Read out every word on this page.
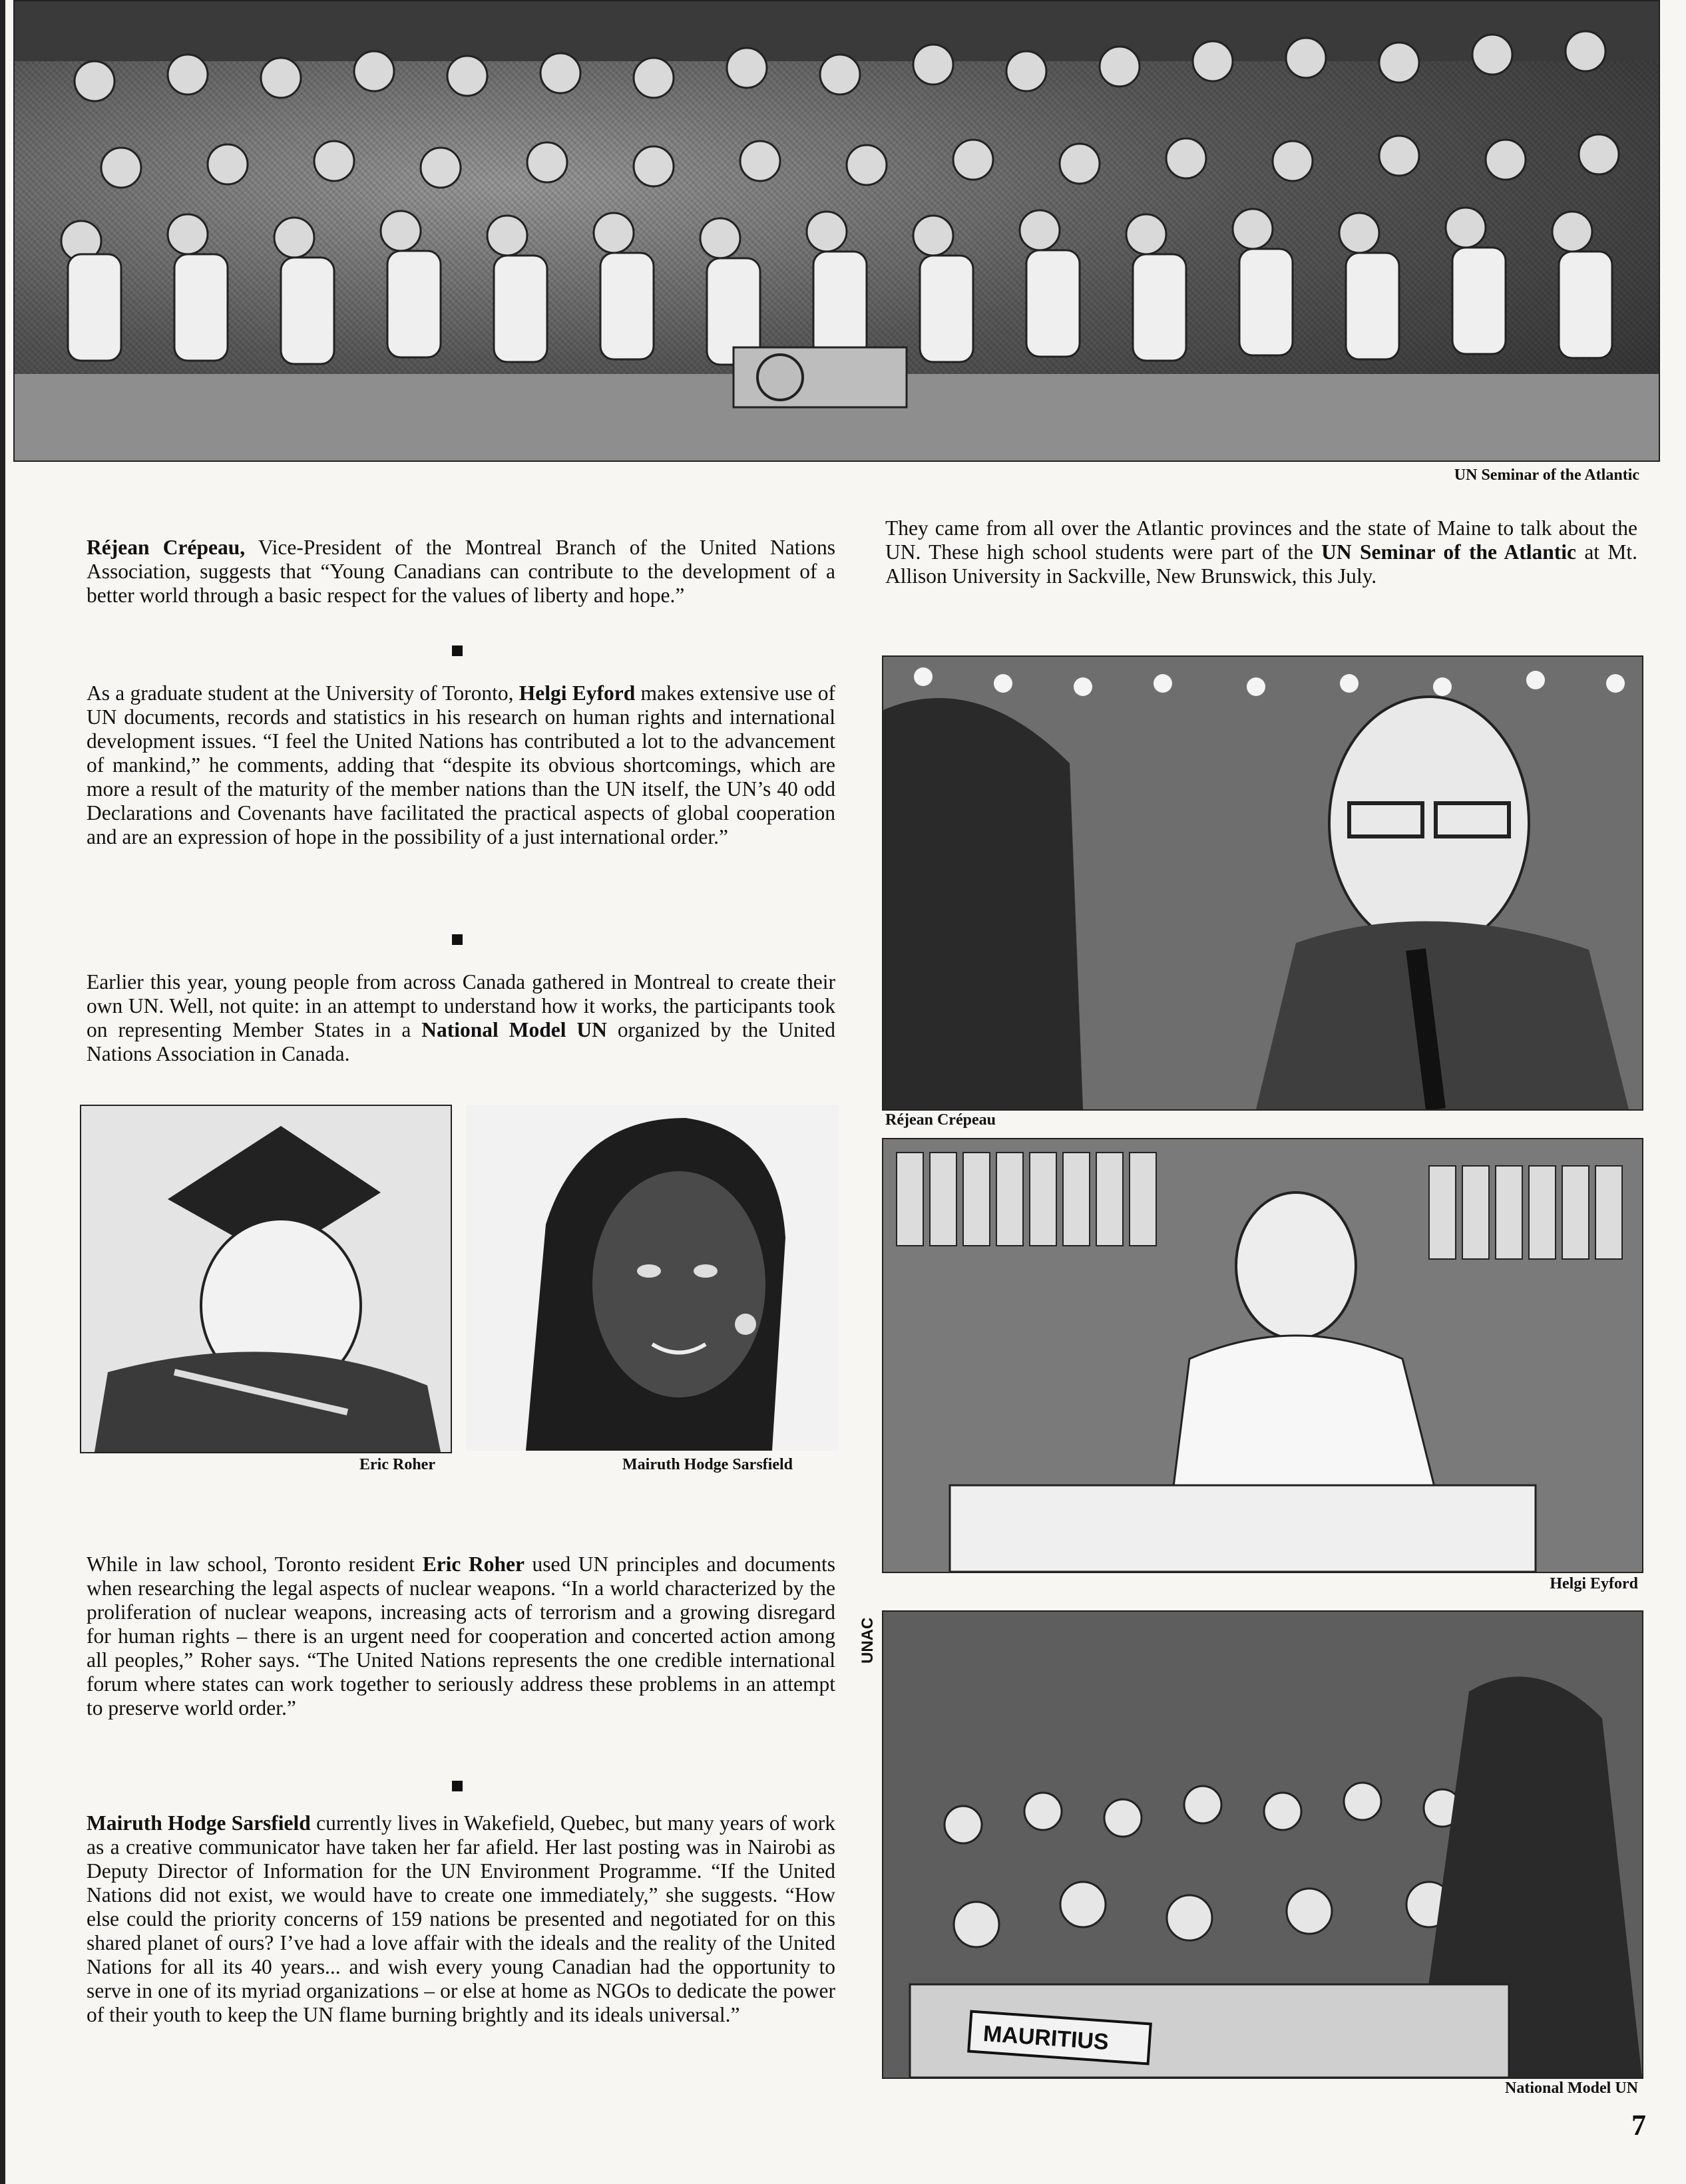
UN Seminar of the Atlantic
Réjean Crépeau, Vice-President of the Montreal Branch of the United Nations Association, suggests that “Young Canadians can contribute to the development of a better world through a basic respect for the values of liberty and hope.”
As a graduate student at the University of Toronto, Helgi Eyford makes extensive use of UN documents, records and statistics in his research on human rights and international development issues. “I feel the United Nations has contributed a lot to the advancement of mankind,” he comments, adding that “despite its obvious shortcomings, which are more a result of the maturity of the member nations than the UN itself, the UN’s 40 odd Declarations and Covenants have facilitated the practical aspects of global cooperation and are an expression of hope in the possibility of a just international order.”
Earlier this year, young people from across Canada gathered in Montreal to create their own UN. Well, not quite: in an attempt to understand how it works, the participants took on representing Member States in a National Model UN organized by the United Nations Association in Canada.
Eric Roher	Mairuth Hodge Sarsfield
While in law school, Toronto resident Eric Roher used UN principles and documents when researching the legal aspects of nuclear weapons. “In a world characterized by the proliferation of nuclear weapons, increasing acts of terrorism and a growing disregard for human rights – there is an urgent need for cooperation and concerted action among all peoples,” Roher says. “The United Nations represents the one credible international forum where states can work together to seriously address these problems in an attempt to preserve world order.”
Mairuth Hodge Sarsfield currently lives in Wakefield, Quebec, but many years of work as a creative communicator have taken her far afield. Her last posting was in Nairobi as Deputy Director of Information for the UN Environment Programme. “If the United Nations did not exist, we would have to create one immediately,” she suggests. “How else could the priority concerns of 159 nations be presented and negotiated for on this shared planet of ours? I’ve had a love affair with the ideals and the reality of the United Nations for all its 40 years... and wish every young Canadian had the opportunity to serve in one of its myriad organizations – or else at home as NGOs to dedicate the power of their youth to keep the UN flame burning brightly and its ideals universal.”
They came from all over the Atlantic provinces and the state of Maine to talk about the UN. These high school students were part of the UN Seminar of the Atlantic at Mt. Allison University in Sackville, New Brunswick, this July.
Réjean Crépeau
Helgi Eyford
UNAC
MAURITIUS
National Model UN
7
